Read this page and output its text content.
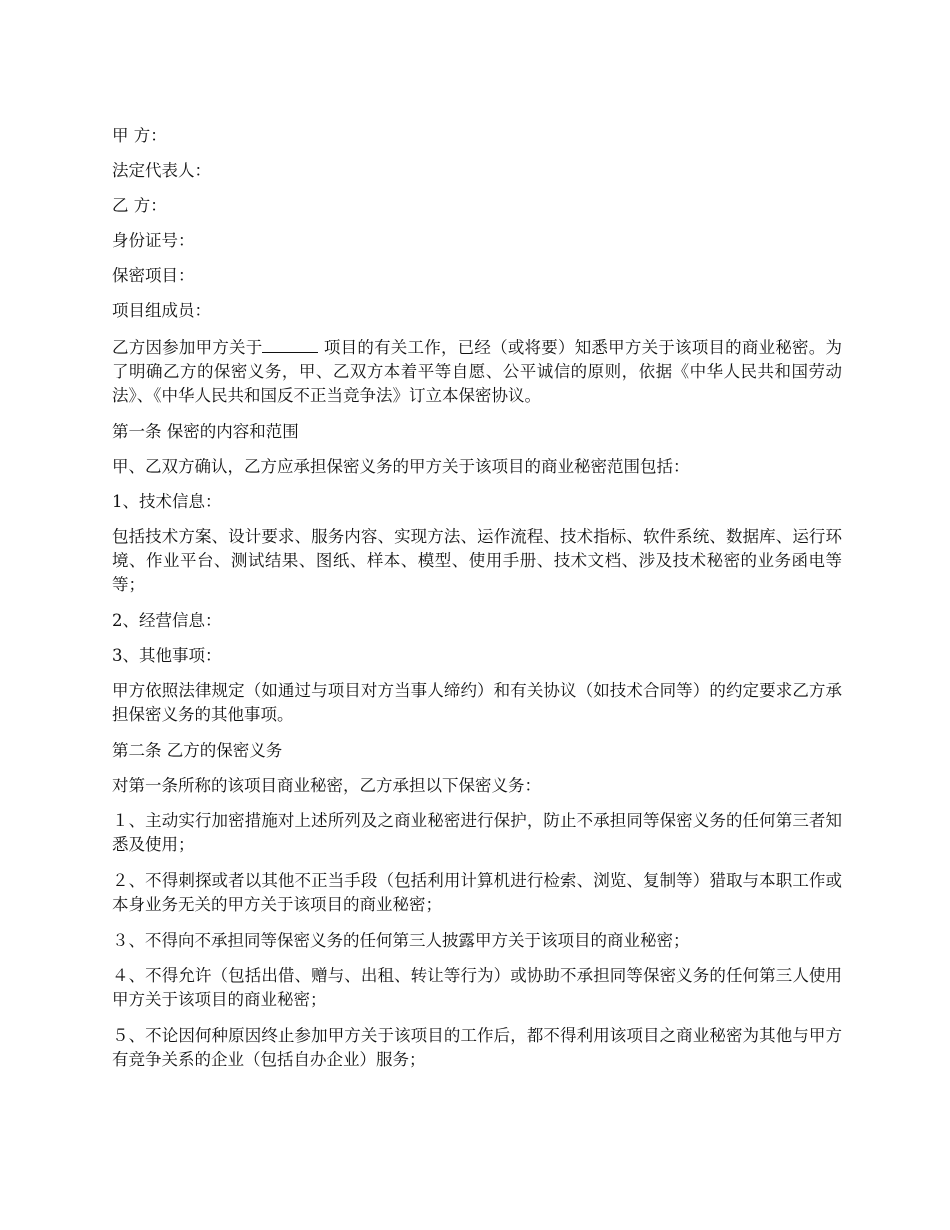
甲 方：

法定代表人：

乙 方：

身份证号：

保密项目：

项目组成员：

乙方因参加甲方关于	项目的有关工作，已经（或将要）知悉甲方关于该项目的商业秘密。为了明确乙方的保密义务，甲、乙双方本着平等自愿、公平诚信的原则，依据《中华人民共和国劳动法》、《中华人民共和国反不正当竞争法》订立本保密协议。

第一条 保密的内容和范围

甲、乙双方确认，乙方应承担保密义务的甲方关于该项目的商业秘密范围包括：

1、技术信息：

包括技术方案、设计要求、服务内容、实现方法、运作流程、技术指标、软件系统、数据库、运行环境、作业平台、测试结果、图纸、样本、模型、使用手册、技术文档、涉及技术秘密的业务函电等等；

2、经营信息：

3、其他事项：

甲方依照法律规定（如通过与项目对方当事人缔约）和有关协议（如技术合同等）的约定要求乙方承担保密义务的其他事项。

第二条 乙方的保密义务

对第一条所称的该项目商业秘密，乙方承担以下保密义务：

１、主动实行加密措施对上述所列及之商业秘密进行保护，防止不承担同等保密义务的任何第三者知悉及使用；

２、不得刺探或者以其他不正当手段（包括利用计算机进行检索、浏览、复制等）猎取与本职工作或本身业务无关的甲方关于该项目的商业秘密；

３、不得向不承担同等保密义务的任何第三人披露甲方关于该项目的商业秘密；

４、不得允许（包括出借、赠与、出租、转让等行为）或协助不承担同等保密义务的任何第三人使用甲方关于该项目的商业秘密；

５、不论因何种原因终止参加甲方关于该项目的工作后，都不得利用该项目之商业秘密为其他与甲方有竞争关系的企业（包括自办企业）服务；
